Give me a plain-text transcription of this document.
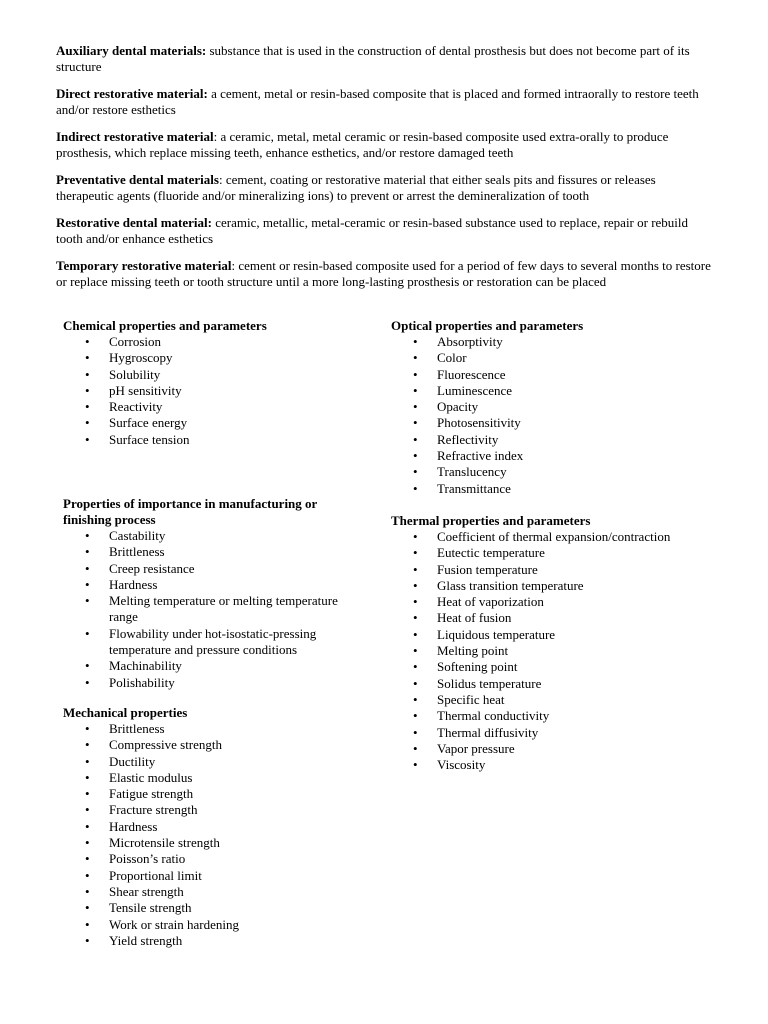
Auxiliary dental materials: substance that is used in the construction of dental prosthesis but does not become part of its structure

Direct restorative material: a cement, metal or resin-based composite that is placed and formed intraorally to restore teeth and/or restore esthetics

Indirect restorative material: a ceramic, metal, metal ceramic or resin-based composite used extra-orally to produce prosthesis, which replace missing teeth, enhance esthetics, and/or restore damaged teeth

Preventative dental materials: cement, coating or restorative material that either seals pits and fissures or releases therapeutic agents (fluoride and/or mineralizing ions) to prevent or arrest the demineralization of tooth

Restorative dental material: ceramic, metallic, metal-ceramic or resin-based substance used to replace, repair or rebuild tooth and/or enhance esthetics

Temporary restorative material: cement or resin-based composite used for a period of few days to several months to restore or replace missing teeth or tooth structure until a more long-lasting prosthesis or restoration can be placed

Chemical properties and parameters

• Corrosion
• Hygroscopy
• Solubility
• pH sensitivity
• Reactivity
• Surface energy
• Surface tension

Properties of importance in manufacturing or finishing process

• Castability
• Brittleness
• Creep resistance
• Hardness
• Melting temperature or melting temperature range
• Flowability under hot-isostatic-pressing temperature and pressure conditions
• Machinability
• Polishability

Mechanical properties

• Brittleness
• Compressive strength
• Ductility
• Elastic modulus
• Fatigue strength
• Fracture strength
• Hardness
• Microtensile strength
• Poisson’s ratio
• Proportional limit
• Shear strength
• Tensile strength
• Work or strain hardening
• Yield strength

Optical properties and parameters

• Absorptivity
• Color
• Fluorescence
• Luminescence
• Opacity
• Photosensitivity
• Reflectivity
• Refractive index
• Translucency
• Transmittance

Thermal properties and parameters

• Coefficient of thermal expansion/contraction
• Eutectic temperature
• Fusion temperature
• Glass transition temperature
• Heat of vaporization
• Heat of fusion
• Liquidous temperature
• Melting point
• Softening point
• Solidus temperature
• Specific heat
• Thermal conductivity
• Thermal diffusivity
• Vapor pressure
• Viscosity
